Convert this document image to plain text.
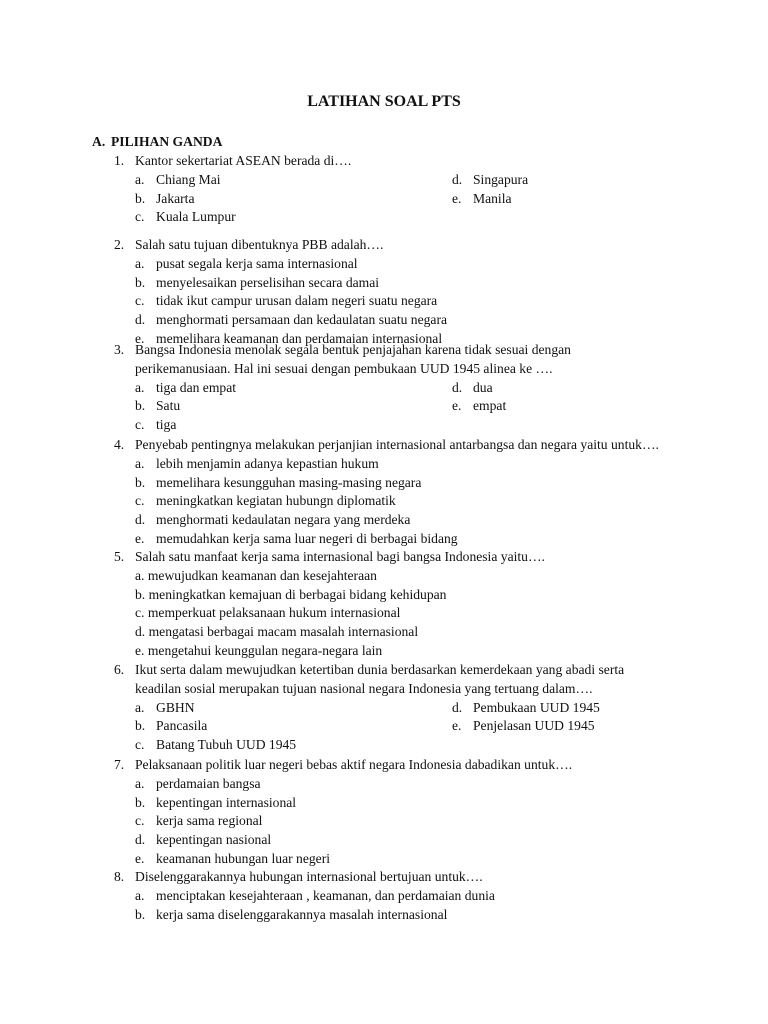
LATIHAN SOAL PTS
A. PILIHAN GANDA
1. Kantor sekertariat ASEAN berada di….
a. Chiang Mai
b. Jakarta
c. Kuala Lumpur
d. Singapura
e. Manila
2. Salah satu tujuan dibentuknya PBB adalah….
a. pusat segala kerja sama internasional
b. menyelesaikan perselisihan secara damai
c. tidak ikut campur urusan dalam negeri suatu negara
d. menghormati persamaan dan kedaulatan suatu negara
e. memelihara keamanan dan perdamaian internasional
3. Bangsa Indonesia menolak segala bentuk penjajahan karena tidak sesuai dengan
perikemanusiaan. Hal ini sesuai dengan pembukaan UUD 1945 alinea ke ….
a. tiga dan empat
b. Satu
c. tiga
d. dua
e. empat
4. Penyebab pentingnya melakukan perjanjian internasional antarbangsa dan negara yaitu untuk….
a. lebih menjamin adanya kepastian hukum
b. memelihara kesungguhan masing-masing negara
c. meningkatkan kegiatan hubungn diplomatik
d. menghormati kedaulatan negara yang merdeka
e. memudahkan kerja sama luar negeri di berbagai bidang
5. Salah satu manfaat kerja sama internasional bagi bangsa Indonesia yaitu….
a. mewujudkan keamanan dan kesejahteraan
b. meningkatkan kemajuan di berbagai bidang kehidupan
c. memperkuat pelaksanaan hukum internasional
d. mengatasi berbagai macam masalah internasional
e. mengetahui keunggulan negara-negara lain
6. Ikut serta dalam mewujudkan ketertiban dunia berdasarkan kemerdekaan yang abadi serta
keadilan sosial merupakan tujuan nasional negara Indonesia yang tertuang dalam….
a. GBHN
b. Pancasila
c. Batang Tubuh UUD 1945
d. Pembukaan UUD 1945
e. Penjelasan UUD 1945
7. Pelaksanaan politik luar negeri bebas aktif negara Indonesia dabadikan untuk….
a. perdamaian bangsa
b. kepentingan internasional
c. kerja sama regional
d. kepentingan nasional
e. keamanan hubungan luar negeri
8. Diselenggarakannya hubungan internasional bertujuan untuk….
a. menciptakan kesejahteraan , keamanan, dan perdamaian dunia
b. kerja sama diselenggarakannya masalah internasional
